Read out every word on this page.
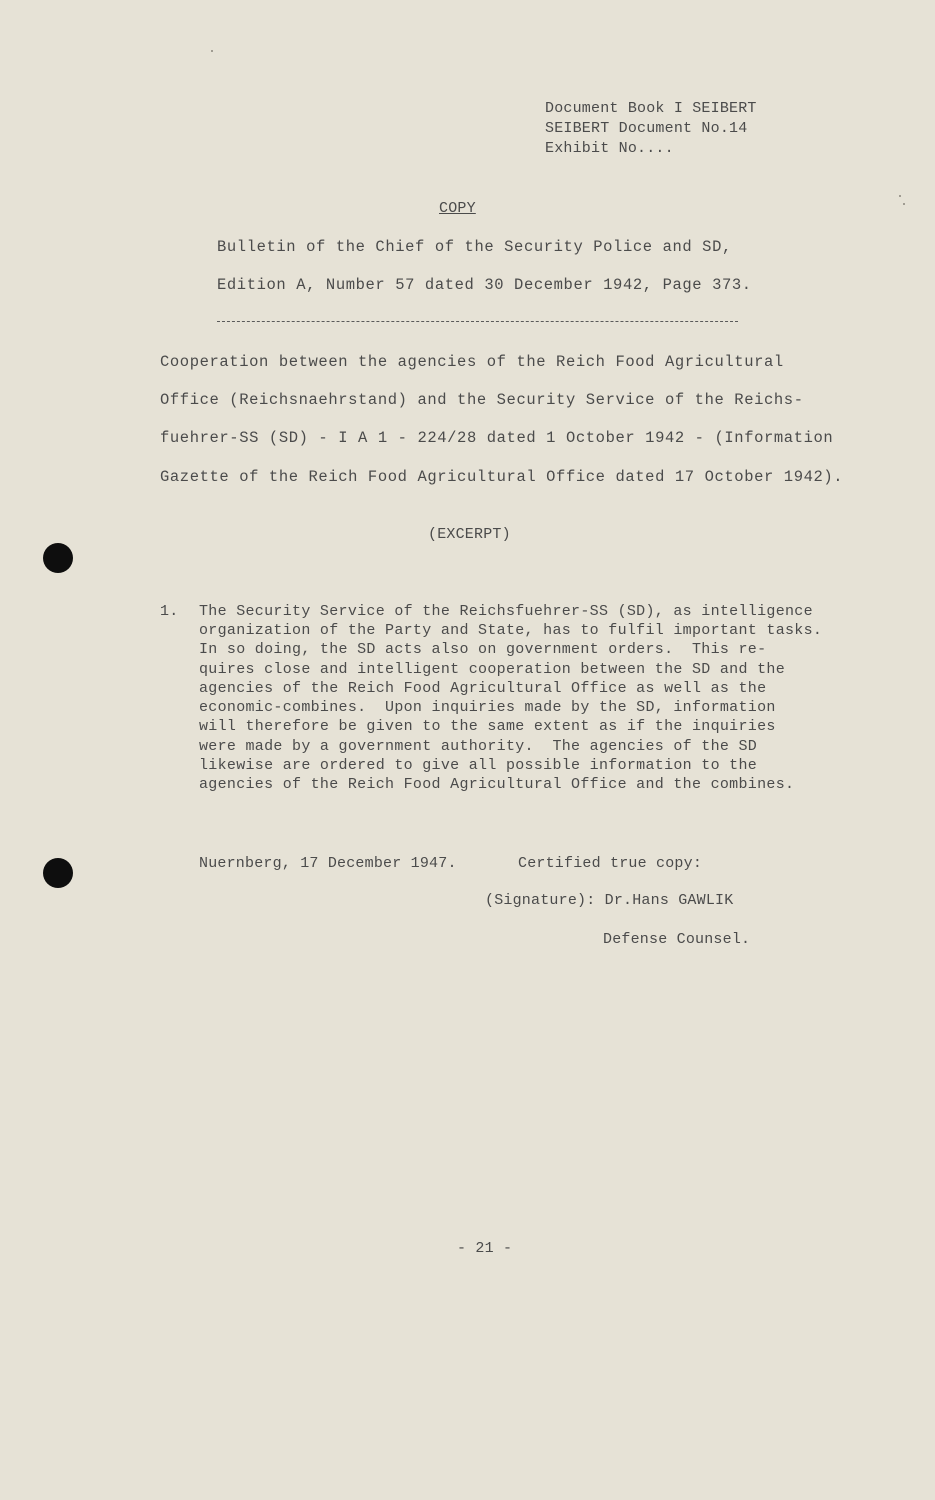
Document Book I SEIBERT
SEIBERT Document No.14
Exhibit No....
COPY
Bulletin of the Chief of the Security Police and SD,
Edition A, Number 57 dated 30 December 1942, Page 373.
Cooperation between the agencies of the Reich Food Agricultural
Office (Reichsnaehrstand) and the Security Service of the Reichs-
fuehrer-SS (SD) - I A 1 - 224/28 dated 1 October 1942 - (Information
Gazette of the Reich Food Agricultural Office dated 17 October 1942).
(EXCERPT)
1. The Security Service of the Reichsfuehrer-SS (SD), as intelligence
organization of the Party and State, has to fulfil important tasks.
In so doing, the SD acts also on government orders.  This re-
quires close and intelligent cooperation between the SD and the
agencies of the Reich Food Agricultural Office as well as the
economic-combines.  Upon inquiries made by the SD, information
will therefore be given to the same extent as if the inquiries
were made by a government authority.  The agencies of the SD
likewise are ordered to give all possible information to the
agencies of the Reich Food Agricultural Office and the combines.
Nuernberg, 17 December 1947.	Certified true copy:
(Signature): Dr.Hans GAWLIK
Defense Counsel.
- 21 -
